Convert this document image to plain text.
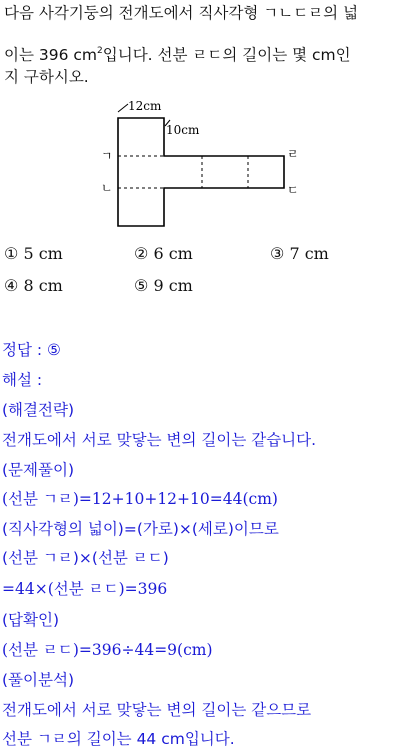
다음 사각기둥의 전개도에서 직사각형 ㄱㄴㄷㄹ의 넓
이는 396 $cm^2$입니다. 선분 ㄹㄷ의 길이는 몇 cm인
지 구하시오.
12cm
10cm
ㄱ
ㄴ
ㄹ
ㄷ
① 5 cm	② 6 cm	③ 7 cm
④ 8 cm	⑤ 9 cm
정답 : ⑤
해설 :
(해결전략)
전개도에서 서로 맞닿는 변의 길이는 같습니다.
(문제풀이)
(선분 ㄱㄹ)=12+10+12+10=44(cm)
(직사각형의 넓이)=(가로)×(세로)이므로
(선분 ㄱㄹ)×(선분 ㄹㄷ)
=44×(선분 ㄹㄷ)=396
(답확인)
(선분 ㄹㄷ)=396÷44=9(cm)
(풀이분석)
전개도에서 서로 맞닿는 변의 길이는 같으므로
선분 ㄱㄹ의 길이는 44 cm입니다.
